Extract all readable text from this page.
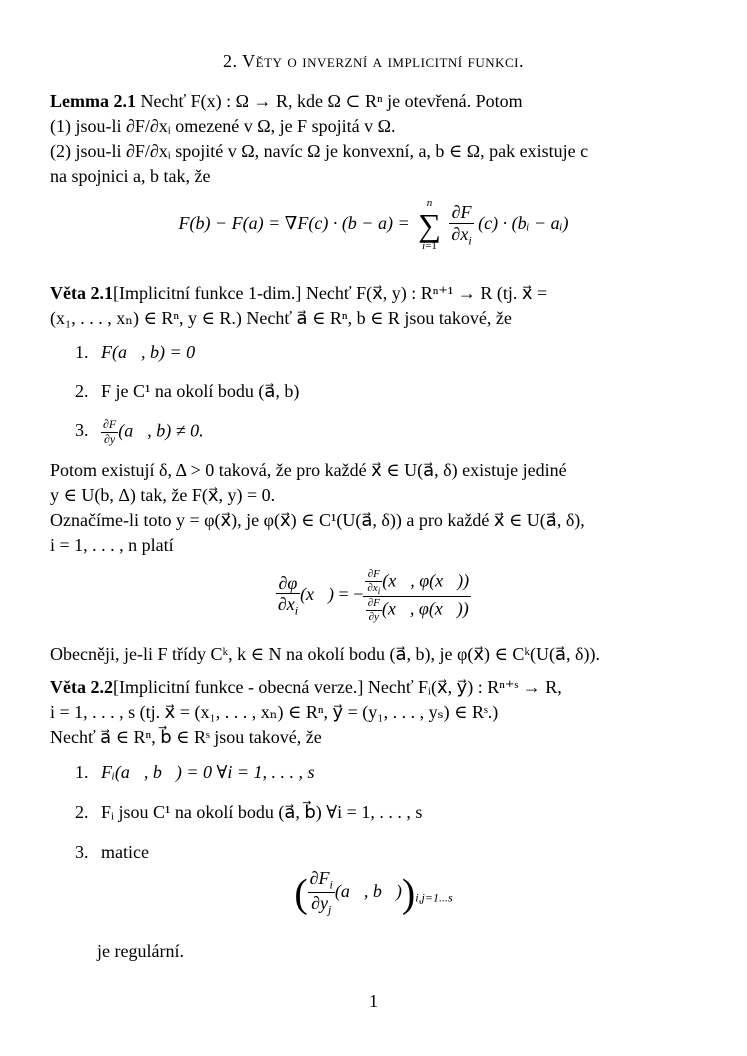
2. Věty o inverzní a implicitní funkci.
Lemma 2.1 Nechť F(x) : Ω → R, kde Ω ⊂ Rⁿ je otevřená. Potom
(1) jsou-li ∂F/∂xᵢ omezené v Ω, je F spojitá v Ω.
(2) jsou-li ∂F/∂xᵢ spojité v Ω, navíc Ω je konvexní, a, b ∈ Ω, pak existuje c
na spojnici a, b tak, že
F(b) − F(a) = ∇F(c) · (b − a) =
n
∑
i=1
$\frac{\partial F}{\partial x_i} (c)$ · (bᵢ − aᵢ)
Věta 2.1[Implicitní funkce 1-dim.] Nechť F(x⃗, y) : Rⁿ⁺¹ → R (tj. x⃗ =
(x₁, . . . , xₙ) ∈ Rⁿ, y ∈ R.) Nechť a⃗ ∈ Rⁿ, b ∈ R jsou takové, že
1. F(a⃗, b) = 0
2. F je C¹ na okolí bodu (a⃗, b)
3. $\frac{\partial F}{\partial y}$ (a⃗, b) ≠ 0.
Potom existují δ, Δ > 0 taková, že pro každé x⃗ ∈ U(a⃗, δ) existuje jediné
y ∈ U(b, Δ) tak, že F(x⃗, y) = 0.
Označíme-li toto y = φ(x⃗), je φ(x⃗) ∈ C¹(U(a⃗, δ)) a pro každé x⃗ ∈ U(a⃗, δ),
i = 1, . . . , n platí
$\frac{\partial\varphi}{\partial x_i}$ (x⃗) = − $\frac{\frac{\partial F}{\partial x_i} (x⃗, \varphi(x⃗))}{\frac{\partial F}{\partial y} (x⃗, \varphi(x⃗))}$
Obecněji, je-li F třídy Cᵏ, k ∈ N na okolí bodu (a⃗, b), je φ(x⃗) ∈ Cᵏ(U(a⃗, δ)).
Věta 2.2[Implicitní funkce - obecná verze.] Nechť Fᵢ(x⃗, y⃗) : Rⁿ⁺ˢ → R,
i = 1, . . . , s (tj. x⃗ = (x₁, . . . , xₙ) ∈ Rⁿ, y⃗ = (y₁, . . . , yₛ) ∈ Rˢ.)
Nechť a⃗ ∈ Rⁿ, b⃗ ∈ Rˢ jsou takové, že
1. Fᵢ(a⃗, b⃗) = 0 ∀i = 1, . . . , s
2. Fᵢ jsou C¹ na okolí bodu (a⃗, b⃗) ∀i = 1, . . . , s
3. matice
( $\frac{\partial F_i}{\partial y_j}$ (a⃗, $b⃗))_{i,j=1...s}$
je regulární.
1
